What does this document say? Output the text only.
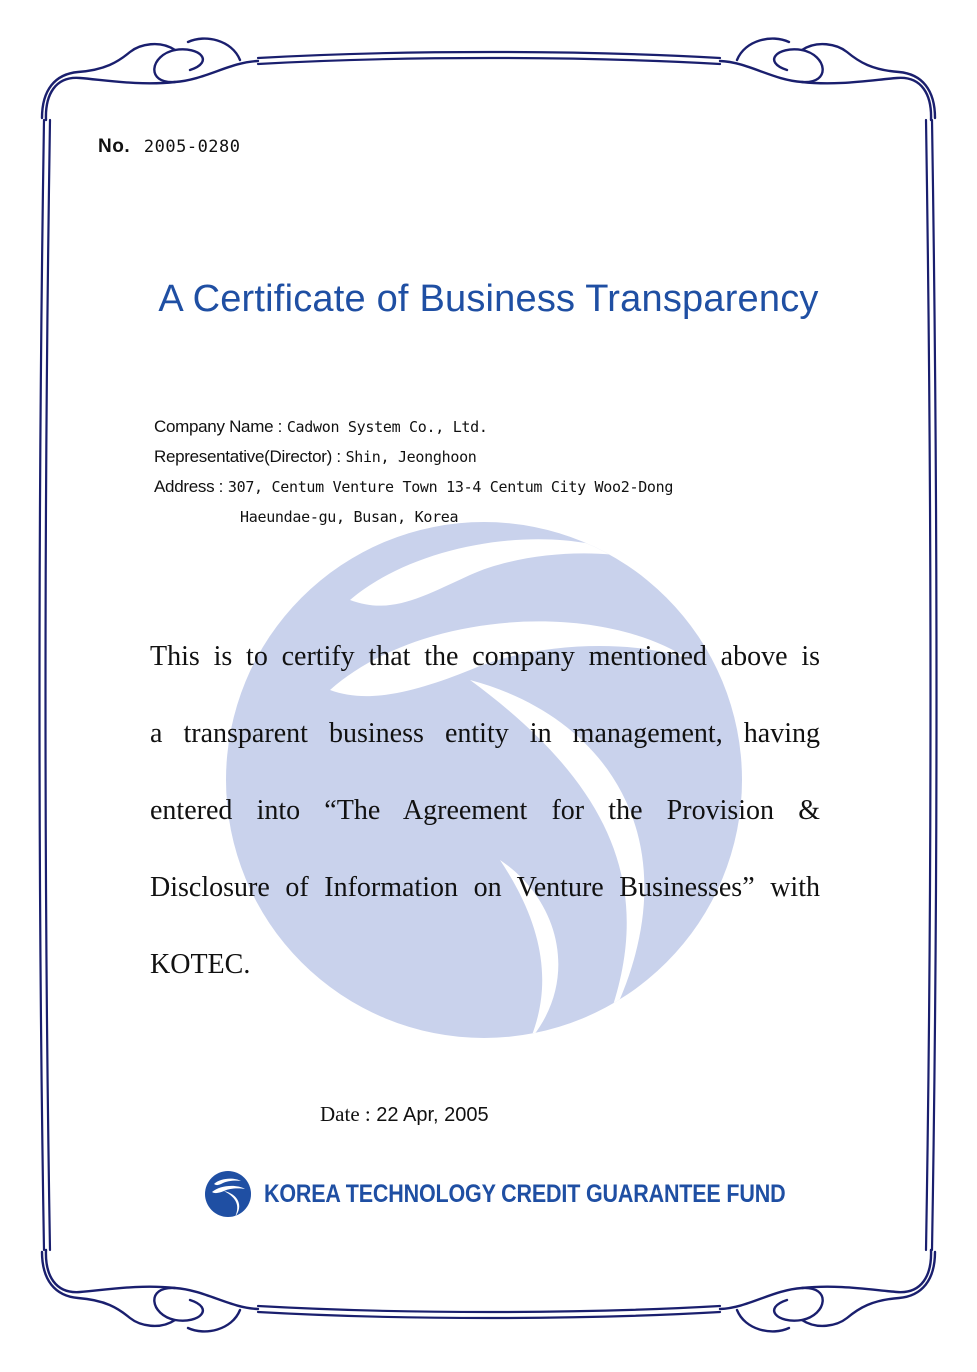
No. 2005-0280
A Certificate of Business Transparency
Company Name : Cadwon System Co., Ltd.
Representative(Director) : Shin, Jeonghoon
Address : 307, Centum Venture Town 13-4 Centum City Woo2-Dong
Haeundae-gu, Busan, Korea
This is to certify that the company mentioned above is
a transparent business entity in management, having
entered into “The Agreement for the Provision &
Disclosure of Information on Venture Businesses” with
KOTEC.
Date : 22 Apr, 2005
KOREA TECHNOLOGY CREDIT GUARANTEE FUND
